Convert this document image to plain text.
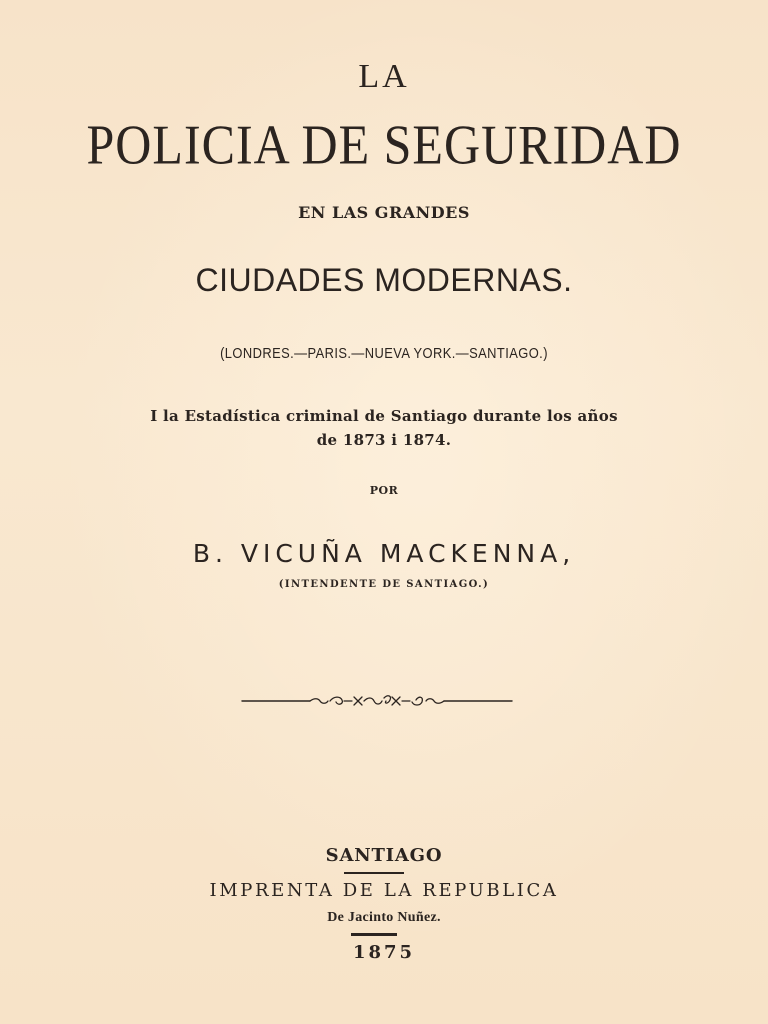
LA
POLICIA DE SEGURIDAD
EN LAS GRANDES
CIUDADES MODERNAS.
(LONDRES.—PARIS.—NUEVA YORK.—SANTIAGO.)
I la Estadística criminal de Santiago durante los años
de 1873 i 1874.
POR
B. VICUÑA MACKENNA,
(INTENDENTE DE SANTIAGO.)
SANTIAGO
IMPRENTA DE LA REPUBLICA
De Jacinto Nuñez.
1875
